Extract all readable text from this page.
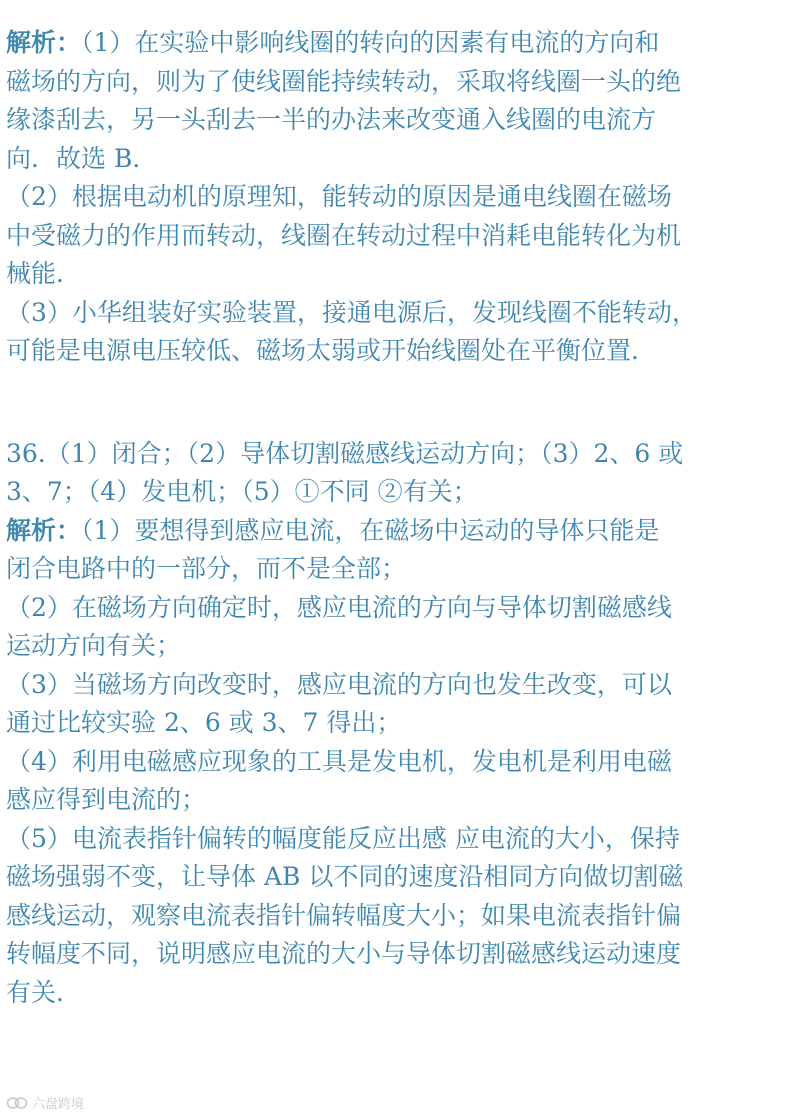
解析：（1）在实验中影响线圈的转向的因素有电流的方向和
磁场的方向，则为了使线圈能持续转动，采取将线圈一头的绝
缘漆刮去，另一头刮去一半的办法来改变通入线圈的电流方
向．故选 B．
（2）根据电动机的原理知，能转动的原因是通电线圈在磁场
中受磁力的作用而转动，线圈在转动过程中消耗电能转化为机
械能．
（3）小华组装好实验装置，接通电源后，发现线圈不能转动，
可能是电源电压较低、磁场太弱或开始线圈处在平衡位置．
36.（1）闭合；（2）导体切割磁感线运动方向；（3）2、6 或
3、7；（4）发电机；（5）①不同 ②有关；
解析：（1）要想得到感应电流，在磁场中运动的导体只能是
闭合电路中的一部分，而不是全部；
（2）在磁场方向确定时，感应电流的方向与导体切割磁感线
运动方向有关；
（3）当磁场方向改变时，感应电流的方向也发生改变，可以
通过比较实验 2、6 或 3、7 得出；
（4）利用电磁感应现象的工具是发电机，发电机是利用电磁
感应得到电流的；
（5）电流表指针偏转的幅度能反应出感 应电流的大小，保持
磁场强弱不变，让导体 AB 以不同的速度沿相同方向做切割磁
感线运动，观察电流表指针偏转幅度大小；如果电流表指针偏
转幅度不同，说明感应电流的大小与导体切割磁感线运动速度
有关．
六盘跨境
